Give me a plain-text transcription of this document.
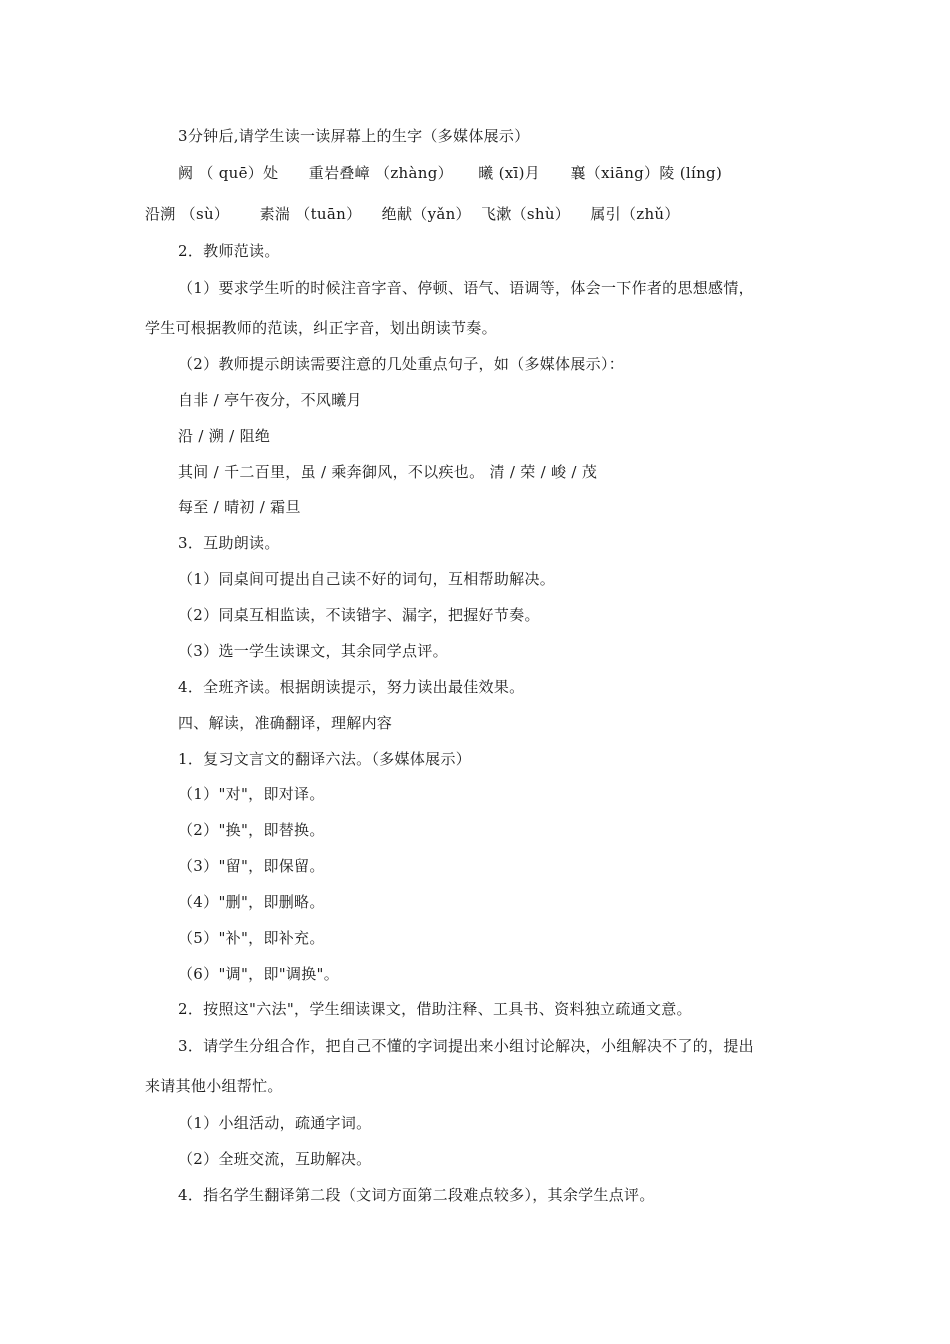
3分钟后,请学生读一读屏幕上的生字（多媒体展示）
阙 （ quē）处      重岩叠嶂 （zhàng）     曦 (xī)月      襄（xiāng）陵 (líng)
沿溯 （sù）      素湍 （tuān）    绝献（yǎn）  飞漱（shù）    属引（zhǔ）
2．教师范读。
（1）要求学生听的时候注音字音、停顿、语气、语调等，体会一下作者的思想感情，
学生可根据教师的范读，纠正字音，划出朗读节奏。
（2）教师提示朗读需要注意的几处重点句子，如（多媒体展示）：
自非 / 亭午夜分，不风曦月
沿 / 溯 / 阻绝
其间 / 千二百里，虽 / 乘奔御风，不以疾也。 清 / 荣 / 峻 / 茂
每至 / 晴初 / 霜旦
3．互助朗读。
（1）同桌间可提出自己读不好的词句，互相帮助解决。
（2）同桌互相监读，不读错字、漏字，把握好节奏。
（3）选一学生读课文，其余同学点评。
4．全班齐读。根据朗读提示，努力读出最佳效果。
四、解读，准确翻译，理解内容
1．复习文言文的翻译六法。（多媒体展示）
（1）"对"，即对译。
（2）"换"，即替换。
（3）"留"，即保留。
（4）"删"，即删略。
（5）"补"，即补充。
（6）"调"，即"调换"。
2．按照这"六法"，学生细读课文，借助注释、工具书、资料独立疏通文意。
3．请学生分组合作，把自己不懂的字词提出来小组讨论解决，小组解决不了的，提出
来请其他小组帮忙。
（1）小组活动，疏通字词。
（2）全班交流，互助解决。
4．指名学生翻译第二段（文词方面第二段难点较多），其余学生点评。
